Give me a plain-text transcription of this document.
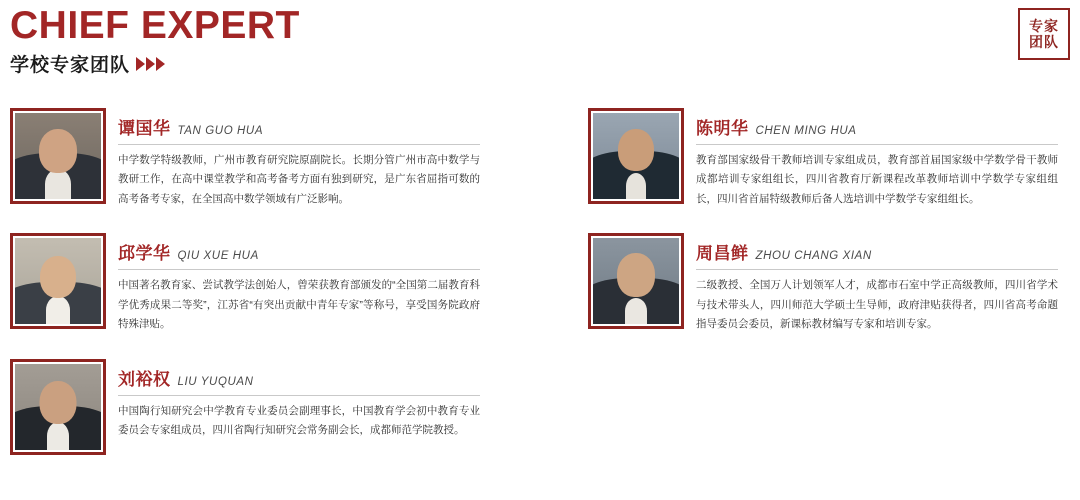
CHIEF EXPERT
学校专家团队
专家
团队
谭国华 TAN GUO HUA
中学数学特级教师，广州市教育研究院原副院长。长期分管广州市高中数学与教研工作，在高中课堂教学和高考备考方面有独到研究，是广东省屈指可数的高考备考专家，在全国高中数学领域有广泛影响。
邱学华 QIU XUE HUA
中国著名教育家、尝试教学法创始人，曾荣获教育部颁发的“全国第二届教育科学优秀成果二等奖”，江苏省“有突出贡献中青年专家”等称号，享受国务院政府特殊津贴。
刘裕权 LIU YUQUAN
中国陶行知研究会中学教育专业委员会副理事长，中国教育学会初中教育专业委员会专家组成员，四川省陶行知研究会常务副会长，成都师范学院教授。
陈明华 CHEN MING HUA
教育部国家级骨干教师培训专家组成员，教育部首届国家级中学数学骨干教师成都培训专家组组长，四川省教育厅新课程改革教师培训中学数学专家组组长，四川省首届特级教师后备人选培训中学数学专家组组长。
周昌鲜 ZHOU CHANG XIAN
二级教授、全国万人计划领军人才，成都市石室中学正高级教师，四川省学术与技术带头人，四川师范大学硕士生导师，政府津贴获得者，四川省高考命题指导委员会委员，新课标教材编写专家和培训专家。
